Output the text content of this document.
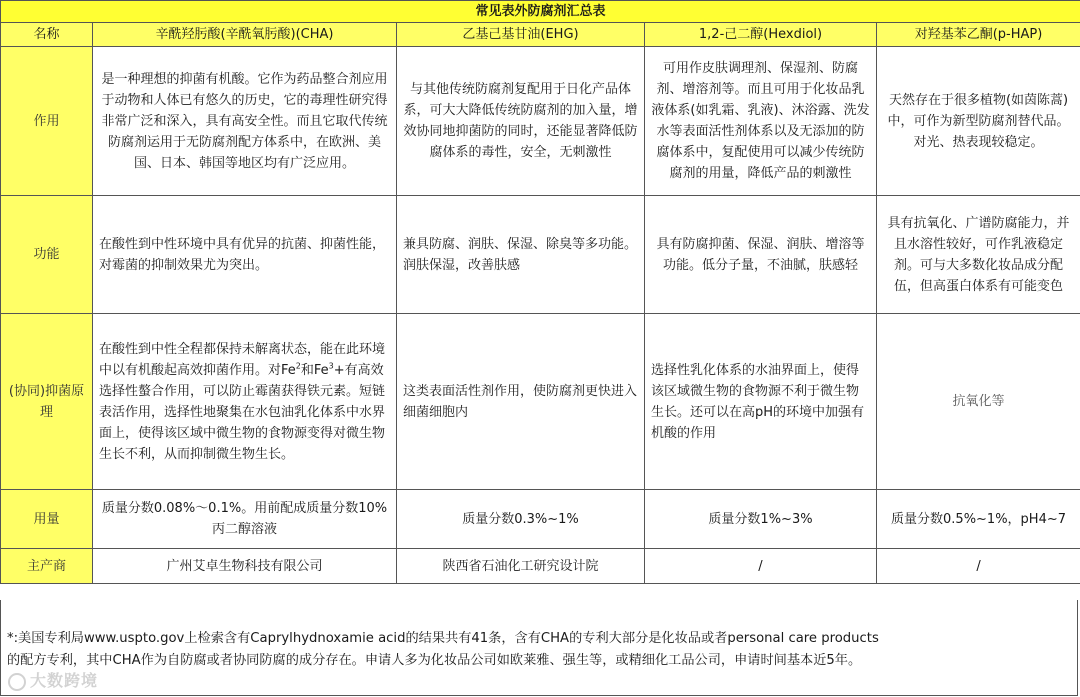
常见表外防腐剂汇总表				
名称	辛酰羟肟酸(辛酰氧肟酸)(CHA)	乙基己基甘油(EHG)	1,2-己二醇(Hexdiol)	对羟基苯乙酮(p-HAP)
作用	是一种理想的抑菌有机酸。它作为药品整合剂应用于动物和人体已有悠久的历史，它的毒理性研究得非常广泛和深入，具有高安全性。而且它取代传统防腐剂运用于无防腐剂配方体系中，在欧洲、美国、日本、韩国等地区均有广泛应用。	与其他传统防腐剂复配用于日化产品体系，可大大降低传统防腐剂的加入量，增效协同地抑菌防的同时，还能显著降低防腐体系的毒性，安全，无刺激性	可用作皮肤调理剂、保湿剂、防腐剂、增溶剂等。而且可用于化妆品乳液体系(如乳霜、乳液)、沐浴露、洗发水等表面活性剂体系以及无添加的防腐体系中，复配使用可以减少传统防腐剂的用量，降低产品的刺激性	天然存在于很多植物(如茵陈蒿)中，可作为新型防腐剂替代品。对光、热表现较稳定。
功能	在酸性到中性环境中具有优异的抗菌、抑菌性能，对霉菌的抑制效果尤为突出。	兼具防腐、润肤、保湿、除臭等多功能。润肤保湿，改善肤感	具有防腐抑菌、保湿、润肤、增溶等功能。低分子量，不油腻，肤感轻	具有抗氧化、广谱防腐能力，并且水溶性较好，可作乳液稳定剂。可与大多数化妆品成分配伍，但高蛋白体系有可能变色
(协同)抑菌原理	在酸性到中性全程都保持未解离状态，能在此环境中以有机酸起高效抑菌作用。对Fe$^2$和$Fe^3+$有高效选择性螯合作用，可以防止霉菌获得铁元素。短链表活作用，选择性地聚集在水包油乳化体系中水界面上，使得该区域中微生物的食物源变得对微生物生长不利，从而抑制微生物生长。	这类表面活性剂作用，使防腐剂更快进入细菌细胞内	选择性乳化体系的水油界面上，使得该区域微生物的食物源不利于微生物生长。还可以在高pH的环境中加强有机酸的作用	抗氧化等
用量	质量分数0.08%～0.1%。用前配成质量分数10%丙二醇溶液	质量分数0.3%~1%	质量分数1%~3%	质量分数0.5%~1%，pH4~7
主产商	广州艾卓生物科技有限公司	陕西省石油化工研究设计院	/	/
*:美国专利局www.uspto.gov上检索含有Caprylhydnoxamie acid的结果共有41条，含有CHA的专利大部分是化妆品或者personal care products
的配方专利，其中CHA作为自防腐或者协同防腐的成分存在。申请人多为化妆品公司如欧莱雅、强生等，或精细化工品公司，申请时间基本近5年。
大数跨境
